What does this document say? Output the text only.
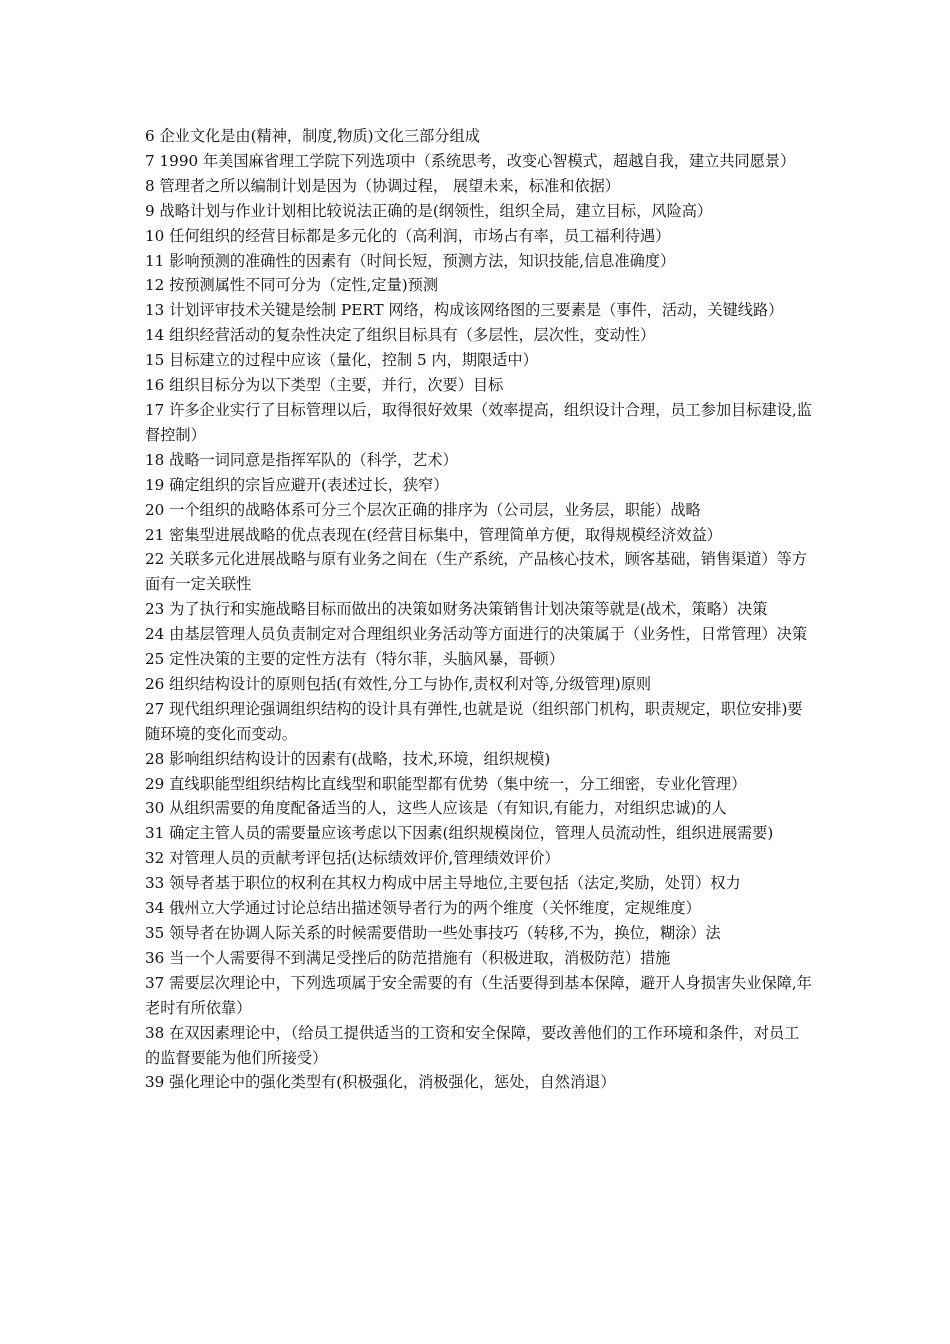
6 企业文化是由(精神，制度,物质)文化三部分组成

7 1990 年美国麻省理工学院下列选项中（系统思考，改变心智模式，超越自我，建立共同愿景）

8 管理者之所以编制计划是因为（协调过程， 展望未来，标准和依据）

9 战略计划与作业计划相比较说法正确的是(纲领性，组织全局，建立目标，风险高）

10 任何组织的经营目标都是多元化的（高利润，市场占有率，员工福利待遇）

11 影响预测的准确性的因素有（时间长短，预测方法，知识技能,信息准确度）

12 按预测属性不同可分为（定性,定量)预测

13 计划评审技术关键是绘制 PERT 网络，构成该网络图的三要素是（事件，活动，关键线路）

14 组织经营活动的复杂性决定了组织目标具有（多层性，层次性，变动性）

15 目标建立的过程中应该（量化，控制 5 内，期限适中）

16 组织目标分为以下类型（主要，并行，次要）目标

17 许多企业实行了目标管理以后，取得很好效果（效率提高，组织设计合理，员工参加目标建设,监督控制）

18 战略一词同意是指挥军队的（科学，艺术）

19 确定组织的宗旨应避开(表述过长，狭窄）

20 一个组织的战略体系可分三个层次正确的排序为（公司层，业务层，职能）战略

21 密集型进展战略的优点表现在(经营目标集中，管理简单方便，取得规模经济效益）

22 关联多元化进展战略与原有业务之间在（生产系统，产品核心技术，顾客基础，销售渠道）等方面有一定关联性

23 为了执行和实施战略目标而做出的决策如财务决策销售计划决策等就是(战术，策略）决策

24 由基层管理人员负责制定对合理组织业务活动等方面进行的决策属于（业务性，日常管理）决策

25 定性决策的主要的定性方法有（特尔菲，头脑风暴，哥顿）

26 组织结构设计的原则包括(有效性,分工与协作,责权利对等,分级管理)原则

27 现代组织理论强调组织结构的设计具有弹性,也就是说（组织部门机构，职责规定，职位安排)要随环境的变化而变动。

28 影响组织结构设计的因素有(战略，技术,环境，组织规模)

29 直线职能型组织结构比直线型和职能型都有优势（集中统一，分工细密，专业化管理）

30 从组织需要的角度配备适当的人，这些人应该是（有知识,有能力，对组织忠诚)的人

31 确定主管人员的需要量应该考虑以下因素(组织规模岗位，管理人员流动性，组织进展需要)

32 对管理人员的贡献考评包括(达标绩效评价,管理绩效评价）

33 领导者基于职位的权利在其权力构成中居主导地位,主要包括（法定,奖励，处罚）权力

34 俄州立大学通过讨论总结出描述领导者行为的两个维度（关怀维度，定规维度）

35 领导者在协调人际关系的时候需要借助一些处事技巧（转移,不为，换位，糊涂）法

36 当一个人需要得不到满足受挫后的防范措施有（积极进取，消极防范）措施

37 需要层次理论中，下列选项属于安全需要的有（生活要得到基本保障，避开人身损害失业保障,年老时有所依靠）

38 在双因素理论中，（给员工提供适当的工资和安全保障，要改善他们的工作环境和条件，对员工的监督要能为他们所接受）

39 强化理论中的强化类型有(积极强化，消极强化，惩处，自然消退）
